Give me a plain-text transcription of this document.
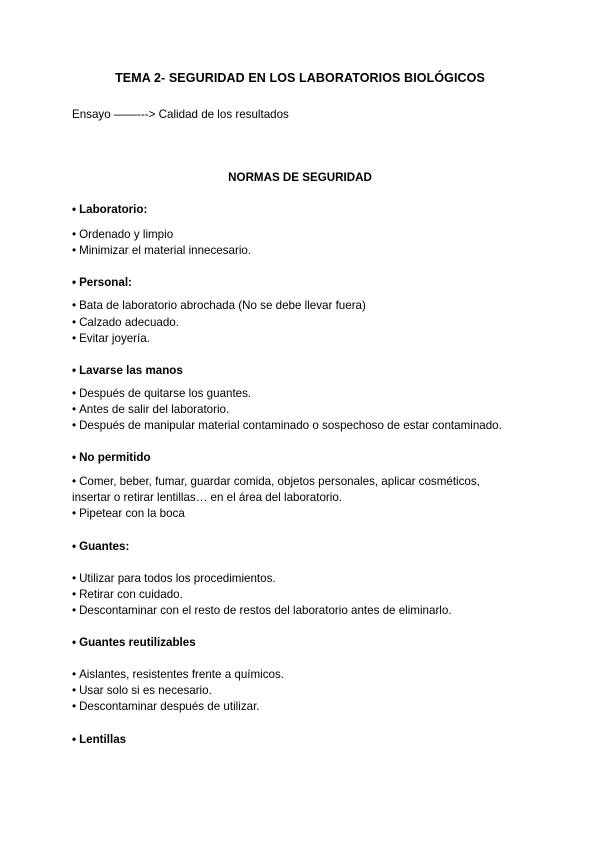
TEMA 2- SEGURIDAD EN LOS LABORATORIOS BIOLÓGICOS
Ensayo ——---> Calidad de los resultados
NORMAS DE SEGURIDAD
• Laboratorio:
• Ordenado y limpio
• Minimizar el material innecesario.
• Personal:
• Bata de laboratorio abrochada (No se debe llevar fuera)
• Calzado adecuado.
• Evitar joyería.
• Lavarse las manos
• Después de quitarse los guantes.
• Antes de salir del laboratorio.
• Después de manipular material contaminado o sospechoso de estar contaminado.
• No permitido
• Comer, beber, fumar, guardar comida, objetos personales, aplicar cosméticos,
insertar o retirar lentillas… en el área del laboratorio.
• Pipetear con la boca
• Guantes:
• Utilizar para todos los procedimientos.
• Retirar con cuidado.
• Descontaminar con el resto de restos del laboratorio antes de eliminarlo.
• Guantes reutilizables
• Aislantes, resistentes frente a químicos.
• Usar solo si es necesario.
• Descontaminar después de utilizar.
• Lentillas
